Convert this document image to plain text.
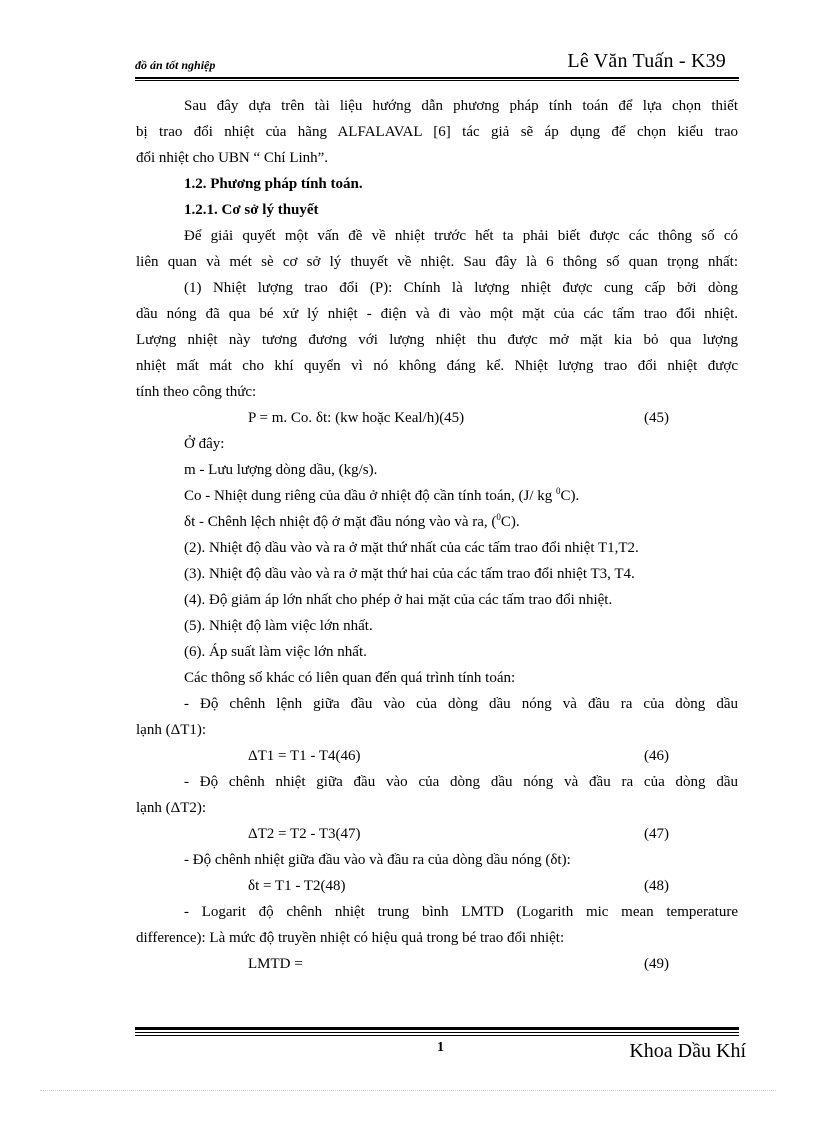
đồ án tốt nghiệp	Lê Văn Tuấn - K39
Sau đây dựa trên tài liệu hướng dẫn phương pháp tính toán để lựa chọn thiết
bị trao đổi nhiệt của hãng ALFALAVAL [6] tác giả sẽ áp dụng để chọn kiểu trao
đổi nhiệt cho UBN “ Chí Linh”.
1.2. Phương pháp tính toán.
1.2.1. Cơ sở lý thuyết
Để giải quyết một vấn đề về nhiệt trước hết ta phải biết được các thông số có
liên quan và mét sè cơ sở lý thuyết về nhiệt. Sau đây là 6 thông số quan trọng nhất:
(1) Nhiệt lượng trao đổi (P): Chính là lượng nhiệt được cung cấp bởi dòng
dầu nóng đã qua bé xử lý nhiệt - điện và đi vào một mặt của các tấm trao đổi nhiệt.
Lượng nhiệt này tương đương với lượng nhiệt thu được mở mặt kia bỏ qua lượng
nhiệt mất mát cho khí quyển vì nó không đáng kể. Nhiệt lượng trao đổi nhiệt được
tính theo công thức:
P = m. Co. δt: (kw hoặc Keal/h)(45)	(45)
Ở đây:
m - Lưu lượng dòng dầu, (kg/s).
Co - Nhiệt dung riêng của dầu ở nhiệt độ cần tính toán, (J/ kg $^0$C).
δt - Chênh lệch nhiệt độ ở mặt đầu nóng vào và ra, ($^0$C).
(2). Nhiệt độ dầu vào và ra ở mặt thứ nhất của các tấm trao đổi nhiệt T1,T2.
(3). Nhiệt độ dầu vào và ra ở mặt thứ hai của các tấm trao đổi nhiệt T3, T4.
(4). Độ giảm áp lớn nhất cho phép ở hai mặt của các tấm trao đổi nhiệt.
(5). Nhiệt độ làm việc lớn nhất.
(6). Áp suất làm việc lớn nhất.
Các thông số khác có liên quan đến quá trình tính toán:
- Độ chênh lệnh giữa đầu vào của dòng dầu nóng và đầu ra của dòng dầu
lạnh (ΔT1):
ΔT1 = T1 - T4(46)	(46)
- Độ chênh nhiệt giữa đầu vào của dòng dầu nóng và đầu ra của dòng dầu
lạnh (ΔT2):
ΔT2 = T2 - T3(47)	(47)
- Độ chênh nhiệt giữa đầu vào và đầu ra của dòng dầu nóng (δt):
δt = T1 - T2(48)	(48)
- Logarit độ chênh nhiệt trung bình LMTD (Logarith mic mean temperature
difference): Là mức độ truyền nhiệt có hiệu quả trong bé trao đổi nhiệt:
LMTD =	(49)
1	Khoa Dầu Khí
